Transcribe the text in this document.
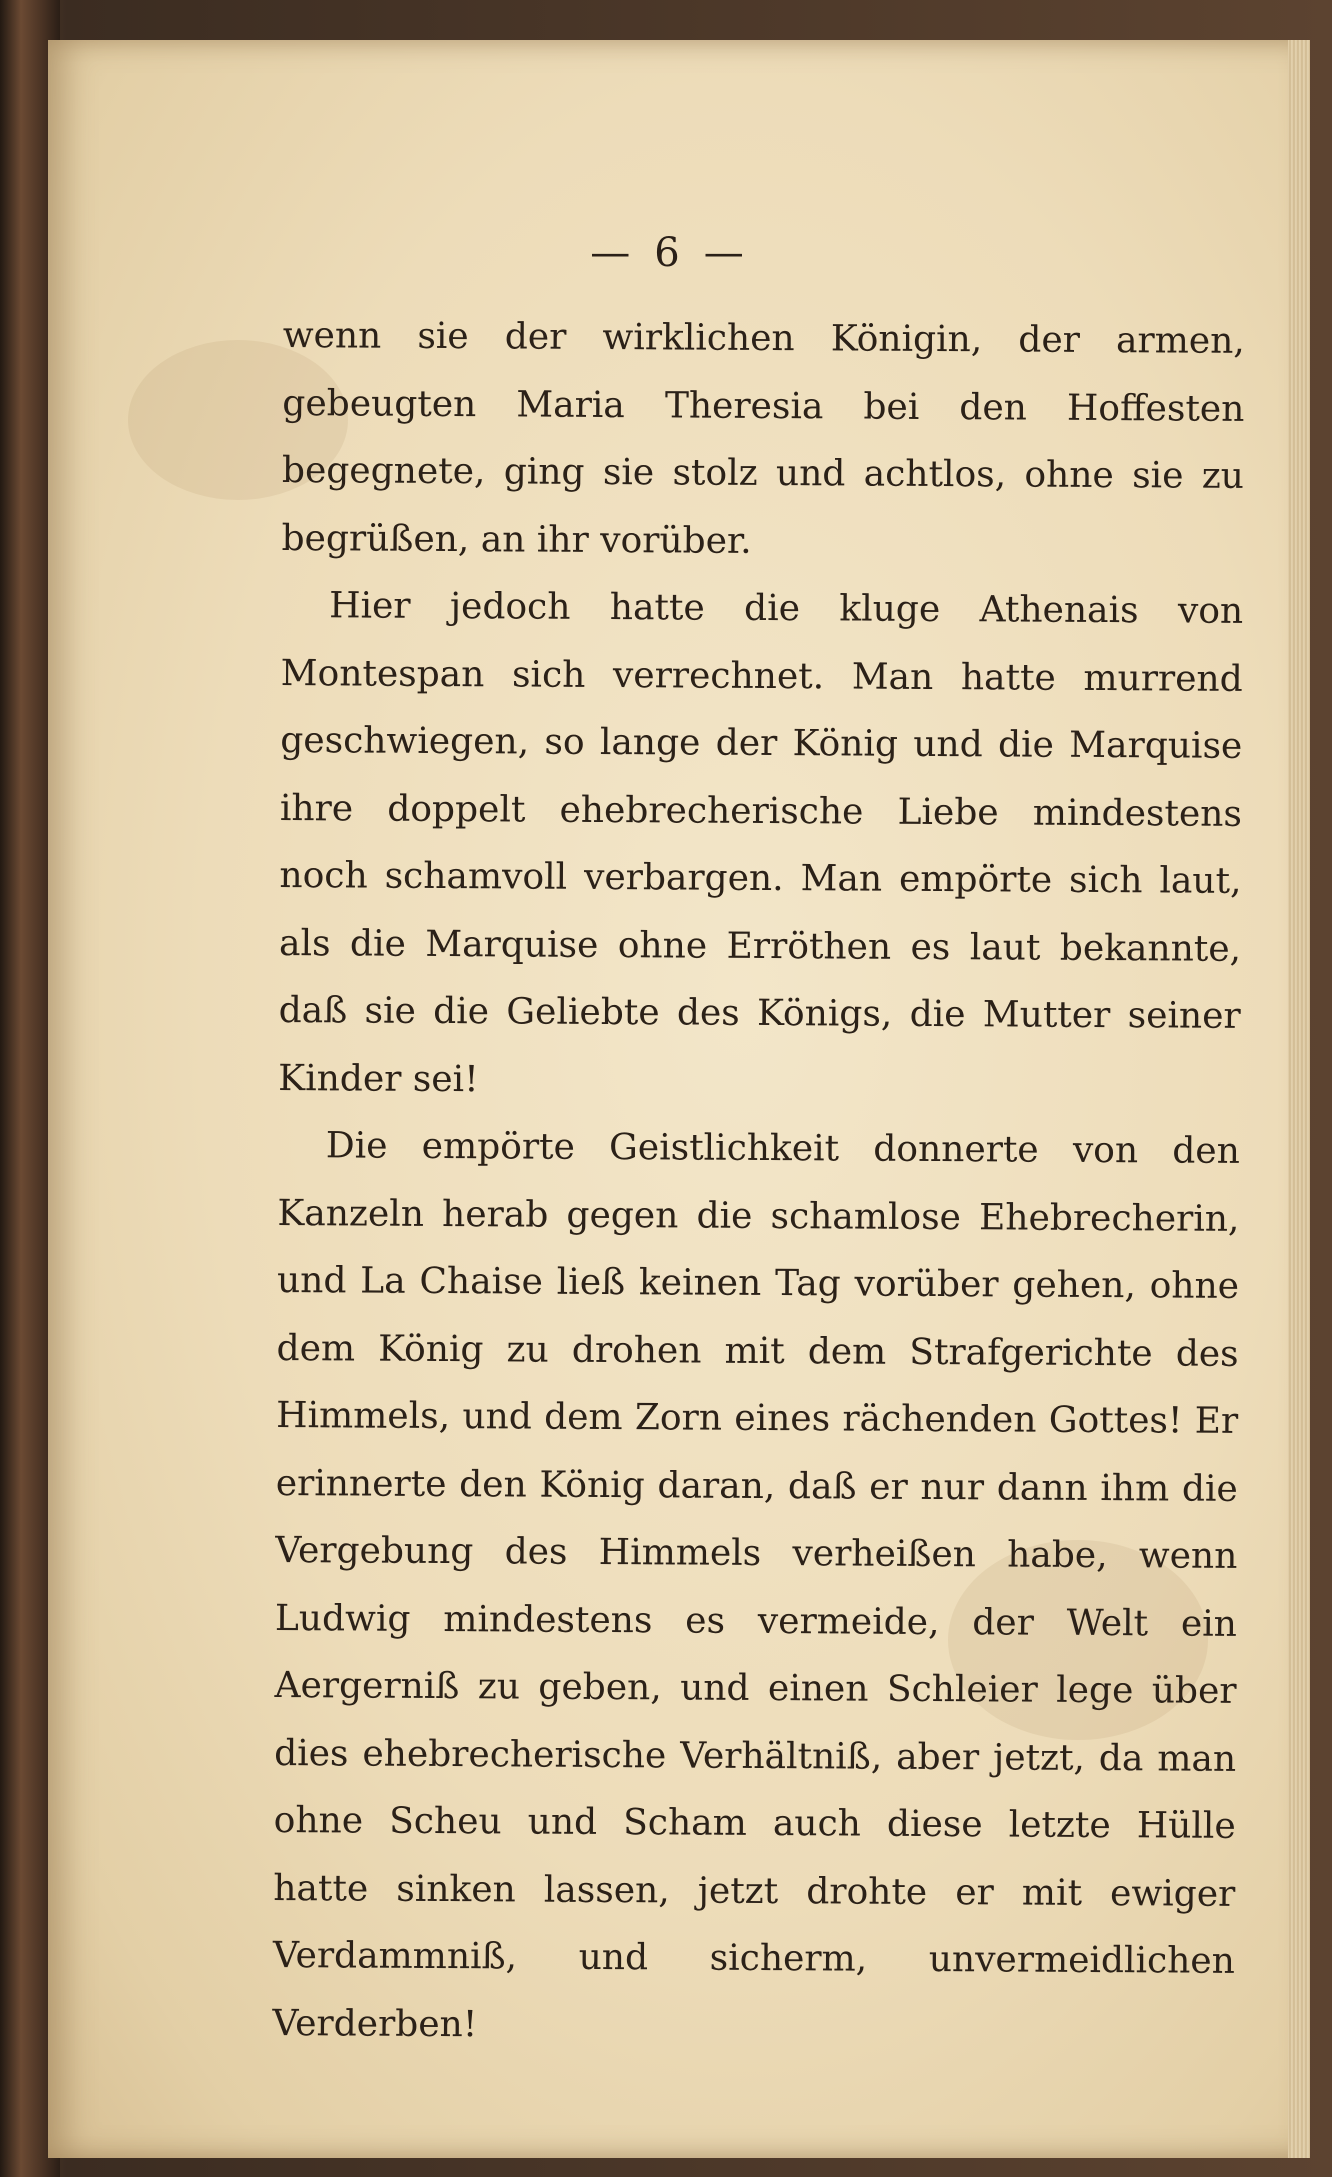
— 6 —

wenn sie der wirklichen Königin, der armen, gebeugten Maria Theresia bei den Hoffesten begegnete, ging sie stolz und achtlos, ohne sie zu begrüßen, an ihr vorüber.

Hier jedoch hatte die kluge Athenais von Montespan sich verrechnet. Man hatte murrend geschwiegen, so lange der König und die Marquise ihre doppelt ehebrecherische Liebe mindestens noch schamvoll verbargen. Man empörte sich laut, als die Marquise ohne Erröthen es laut bekannte, daß sie die Geliebte des Königs, die Mutter seiner Kinder sei!

Die empörte Geistlichkeit donnerte von den Kanzeln herab gegen die schamlose Ehebrecherin, und La Chaise ließ keinen Tag vorüber gehen, ohne dem König zu drohen mit dem Strafgerichte des Himmels, und dem Zorn eines rächenden Gottes! Er erinnerte den König daran, daß er nur dann ihm die Vergebung des Himmels verheißen habe, wenn Ludwig mindestens es vermeide, der Welt ein Aergerniß zu geben, und einen Schleier lege über dies ehebrecherische Verhältniß, aber jetzt, da man ohne Scheu und Scham auch diese letzte Hülle hatte sinken lassen, jetzt drohte er mit ewiger Verdammniß, und sicherm, unvermeidlichen Verderben!
